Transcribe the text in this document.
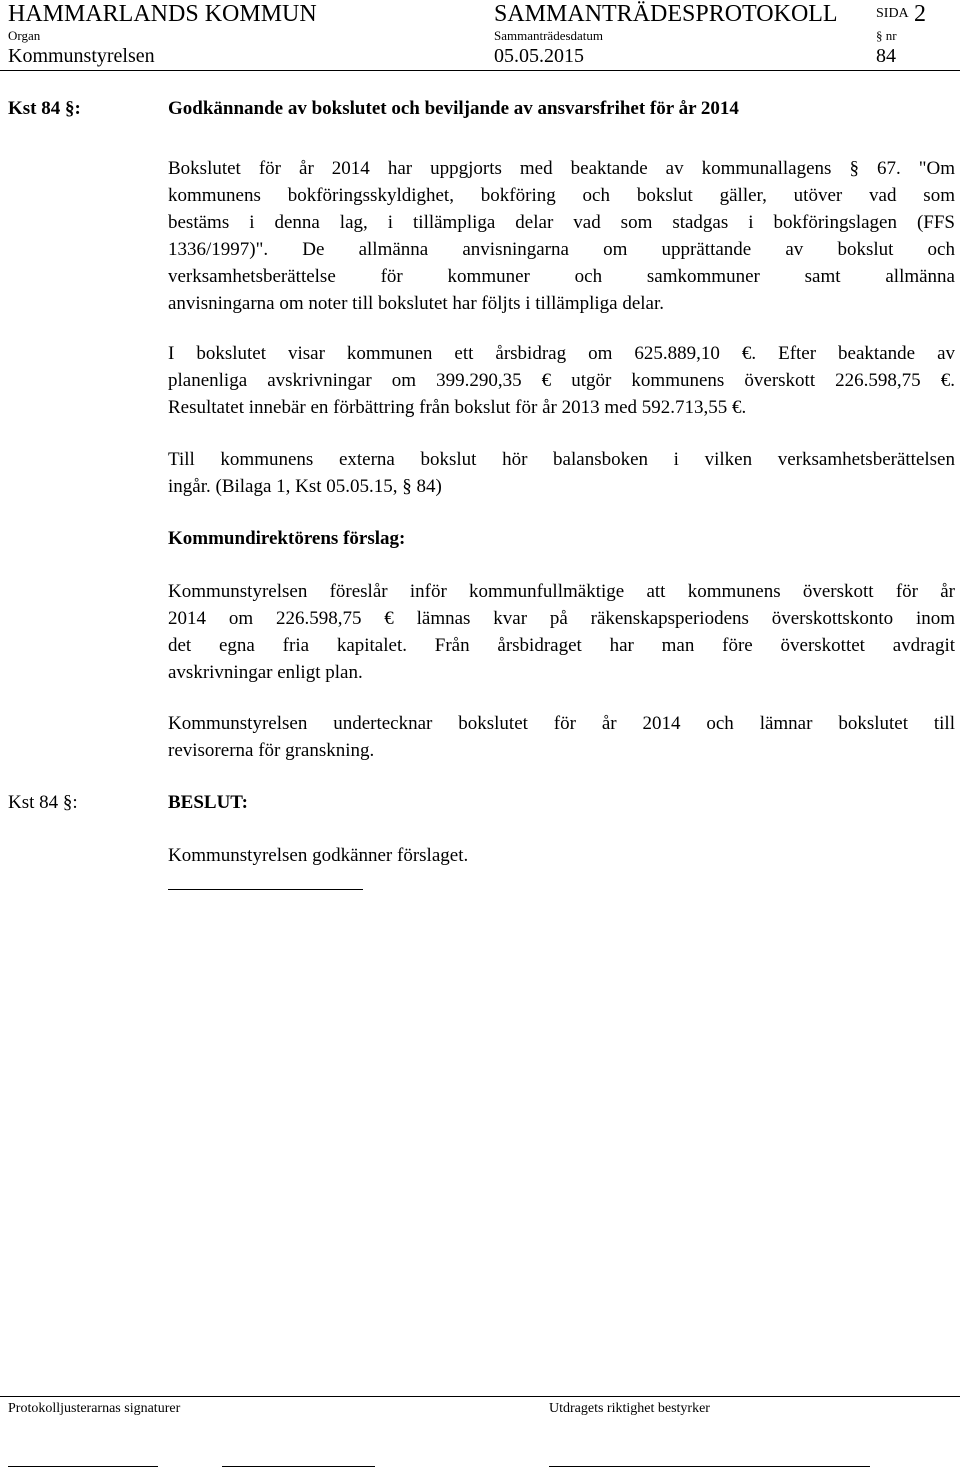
HAMMARLANDS KOMMUN	SAMMANTRÄDESPROTOKOLL	SIDA 2
Organ	Sammanträdesdatum	§ nr
Kommunstyrelsen	05.05.2015	84
Kst 84 §:	Godkännande av bokslutet och beviljande av ansvarsfrihet för år 2014
Bokslutet för år 2014 har uppgjorts med beaktande av kommunallagens § 67. "Om
kommunens bokföringsskyldighet, bokföring och bokslut gäller, utöver vad som
bestäms i denna lag, i tillämpliga delar vad som stadgas i bokföringslagen (FFS
1336/1997)". De allmänna anvisningarna om upprättande av bokslut och
verksamhetsberättelse för kommuner och samkommuner samt allmänna
anvisningarna om noter till bokslutet har följts i tillämpliga delar.
I bokslutet visar kommunen ett årsbidrag om 625.889,10 €. Efter beaktande av
planenliga avskrivningar om 399.290,35 € utgör kommunens överskott 226.598,75 €.
Resultatet innebär en förbättring från bokslut för år 2013 med 592.713,55 €.
Till kommunens externa bokslut hör balansboken i vilken verksamhetsberättelsen
ingår. (Bilaga 1, Kst 05.05.15, § 84)
Kommundirektörens förslag:
Kommunstyrelsen föreslår inför kommunfullmäktige att kommunens överskott för år
2014 om 226.598,75 € lämnas kvar på räkenskapsperiodens överskottskonto inom
det egna fria kapitalet. Från årsbidraget har man före överskottet avdragit
avskrivningar enligt plan.
Kommunstyrelsen undertecknar bokslutet för år 2014 och lämnar bokslutet till
revisorerna för granskning.
Kst 84 §:	BESLUT:
Kommunstyrelsen godkänner förslaget.
Protokolljusterarnas signaturer	Utdragets riktighet bestyrker
